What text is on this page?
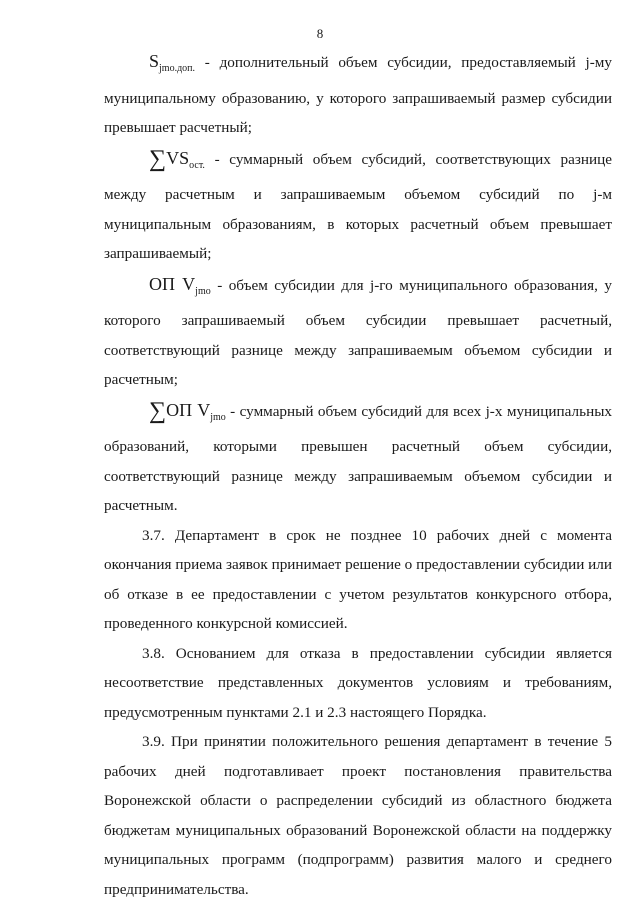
8

$S_{jmo.доп.}$ - дополнительный объем субсидии, предоставляемый j-му муниципальному образованию, у которого запрашиваемый размер субсидии превышает расчетный;

$\sum VS_{ост.}$ - суммарный объем субсидий, соответствующих разнице между расчетным и запрашиваемым объемом субсидий по j-м муниципальным образованиям, в которых расчетный объем превышает запрашиваемый;

ОП $V_{jmo}$ - объем субсидии для j-го муниципального образования, у которого запрашиваемый объем субсидии превышает расчетный, соответствующий разнице между запрашиваемым объемом субсидии и расчетным;

∑ОП $V_{jmo}$ - суммарный объем субсидий для всех j-х муниципальных образований, которыми превышен расчетный объем субсидии, соответствующий разнице между запрашиваемым объемом субсидии и расчетным.

3.7. Департамент в срок не позднее 10 рабочих дней с момента окончания приема заявок принимает решение о предоставлении субсидии или об отказе в ее предоставлении с учетом результатов конкурсного отбора, проведенного конкурсной комиссией.

3.8. Основанием для отказа в предоставлении субсидии является несоответствие представленных документов условиям и требованиям, предусмотренным пунктами 2.1 и 2.3 настоящего Порядка.

3.9. При принятии положительного решения департамент в течение 5 рабочих дней подготавливает проект постановления правительства Воронежской области о распределении субсидий из областного бюджета бюджетам муниципальных образований Воронежской области на поддержку муниципальных программ (подпрограмм) развития малого и среднего предпринимательства.
